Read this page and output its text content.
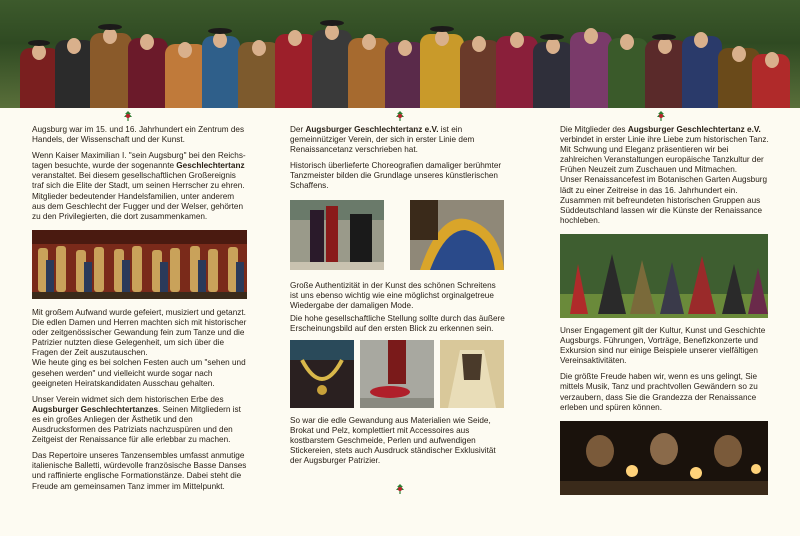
Augsburg war im 15. und 16. Jahrhundert ein Zentrum des Handels, der Wissenschaft und der Kunst.

Wenn Kaiser Maximilian I. "sein Augsburg" bei den Reichs-tagen besuchte, wurde der sogenannte Geschlechtertanz veranstaltet. Bei diesem gesellschaftlichen Großereignis traf sich die Elite der Stadt, um seinen Herrscher zu ehren. Mitglieder bedeutender Handelsfamilien, unter anderem aus dem Geschlecht der Fugger und der Welser, gehörten zu den Privilegierten, die dort zusammenkamen.

Mit großem Aufwand wurde gefeiert, musiziert und getanzt. Die edlen Damen und Herren machten sich mit historischer oder zeitgenössischer Gewandung fein zum Tanze und die Patrizier nutzten diese Gelegenheit, um sich über die Fragen der Zeit auszutauschen.

Wie heute ging es bei solchen Festen auch um "sehen und gesehen werden" und vielleicht wurde sogar nach geeigneten Heiratskandidaten Ausschau gehalten.

Unser Verein widmet sich dem historischen Erbe des Augsburger Geschlechtertanzes. Seinen Mitgliedern ist es ein großes Anliegen der Ästhetik und den Ausdrucksformen des Patriziats nachzuspüren und den Zeitgeist der Renaissance für alle erlebbar zu machen.

Das Repertoire unseres Tanzensembles umfasst anmutige italienische Balletti, würdevolle französische Basse Danses und raffinierte englische Formationstänze. Dabei steht die Freude am gemeinsamen Tanz immer im Mittelpunkt.

Der Augsburger Geschlechtertanz e.V. ist ein gemeinnütziger Verein, der sich in erster Linie dem Renaissancetanz verschrieben hat.

Historisch überlieferte Choreografien damaliger berühmter Tanzmeister bilden die Grundlage unseres künstlerischen Schaffens.

Große Authentizität in der Kunst des schönen Schreitens ist uns ebenso wichtig wie eine möglichst orginalgetreue Wiedergabe der damaligen Mode.

Die hohe gesellschaftliche Stellung sollte durch das äußere Erscheinungsbild auf den ersten Blick zu erkennen sein.

So war die edle Gewandung aus Materialien wie Seide, Brokat und Pelz, komplettiert mit Accessoires aus kostbarstem Geschmeide, Perlen und aufwendigen Stickereien, stets auch Ausdruck ständischer Exklusivität der Augsburger Patrizier.

Die Mitglieder des Augsburger Geschlechtertanz e.V. verbindet in erster Linie ihre Liebe zum historischen Tanz. Mit Schwung und Eleganz präsentieren wir bei zahlreichen Veranstaltungen europäische Tanzkultur der Frühen Neuzeit zum Zuschauen und Mitmachen.

Unser Renaissancefest im Botanischen Garten Augsburg lädt zu einer Zeitreise in das 16. Jahrhundert ein. Zusammen mit befreundeten historischen Gruppen aus Süddeutschland lassen wir die Künste der Renaissance hochleben.

Unser Engagement gilt der Kultur, Kunst und Geschichte Augsburgs. Führungen, Vorträge, Benefizkonzerte und Exkursion sind nur einige Beispiele unserer vielfältigen Vereinsaktivitäten.

Die größte Freude haben wir, wenn es uns gelingt, Sie mittels Musik, Tanz und prachtvollen Gewändern so zu verzaubern, dass Sie die Grandezza der Renaissance erleben und spüren können.
